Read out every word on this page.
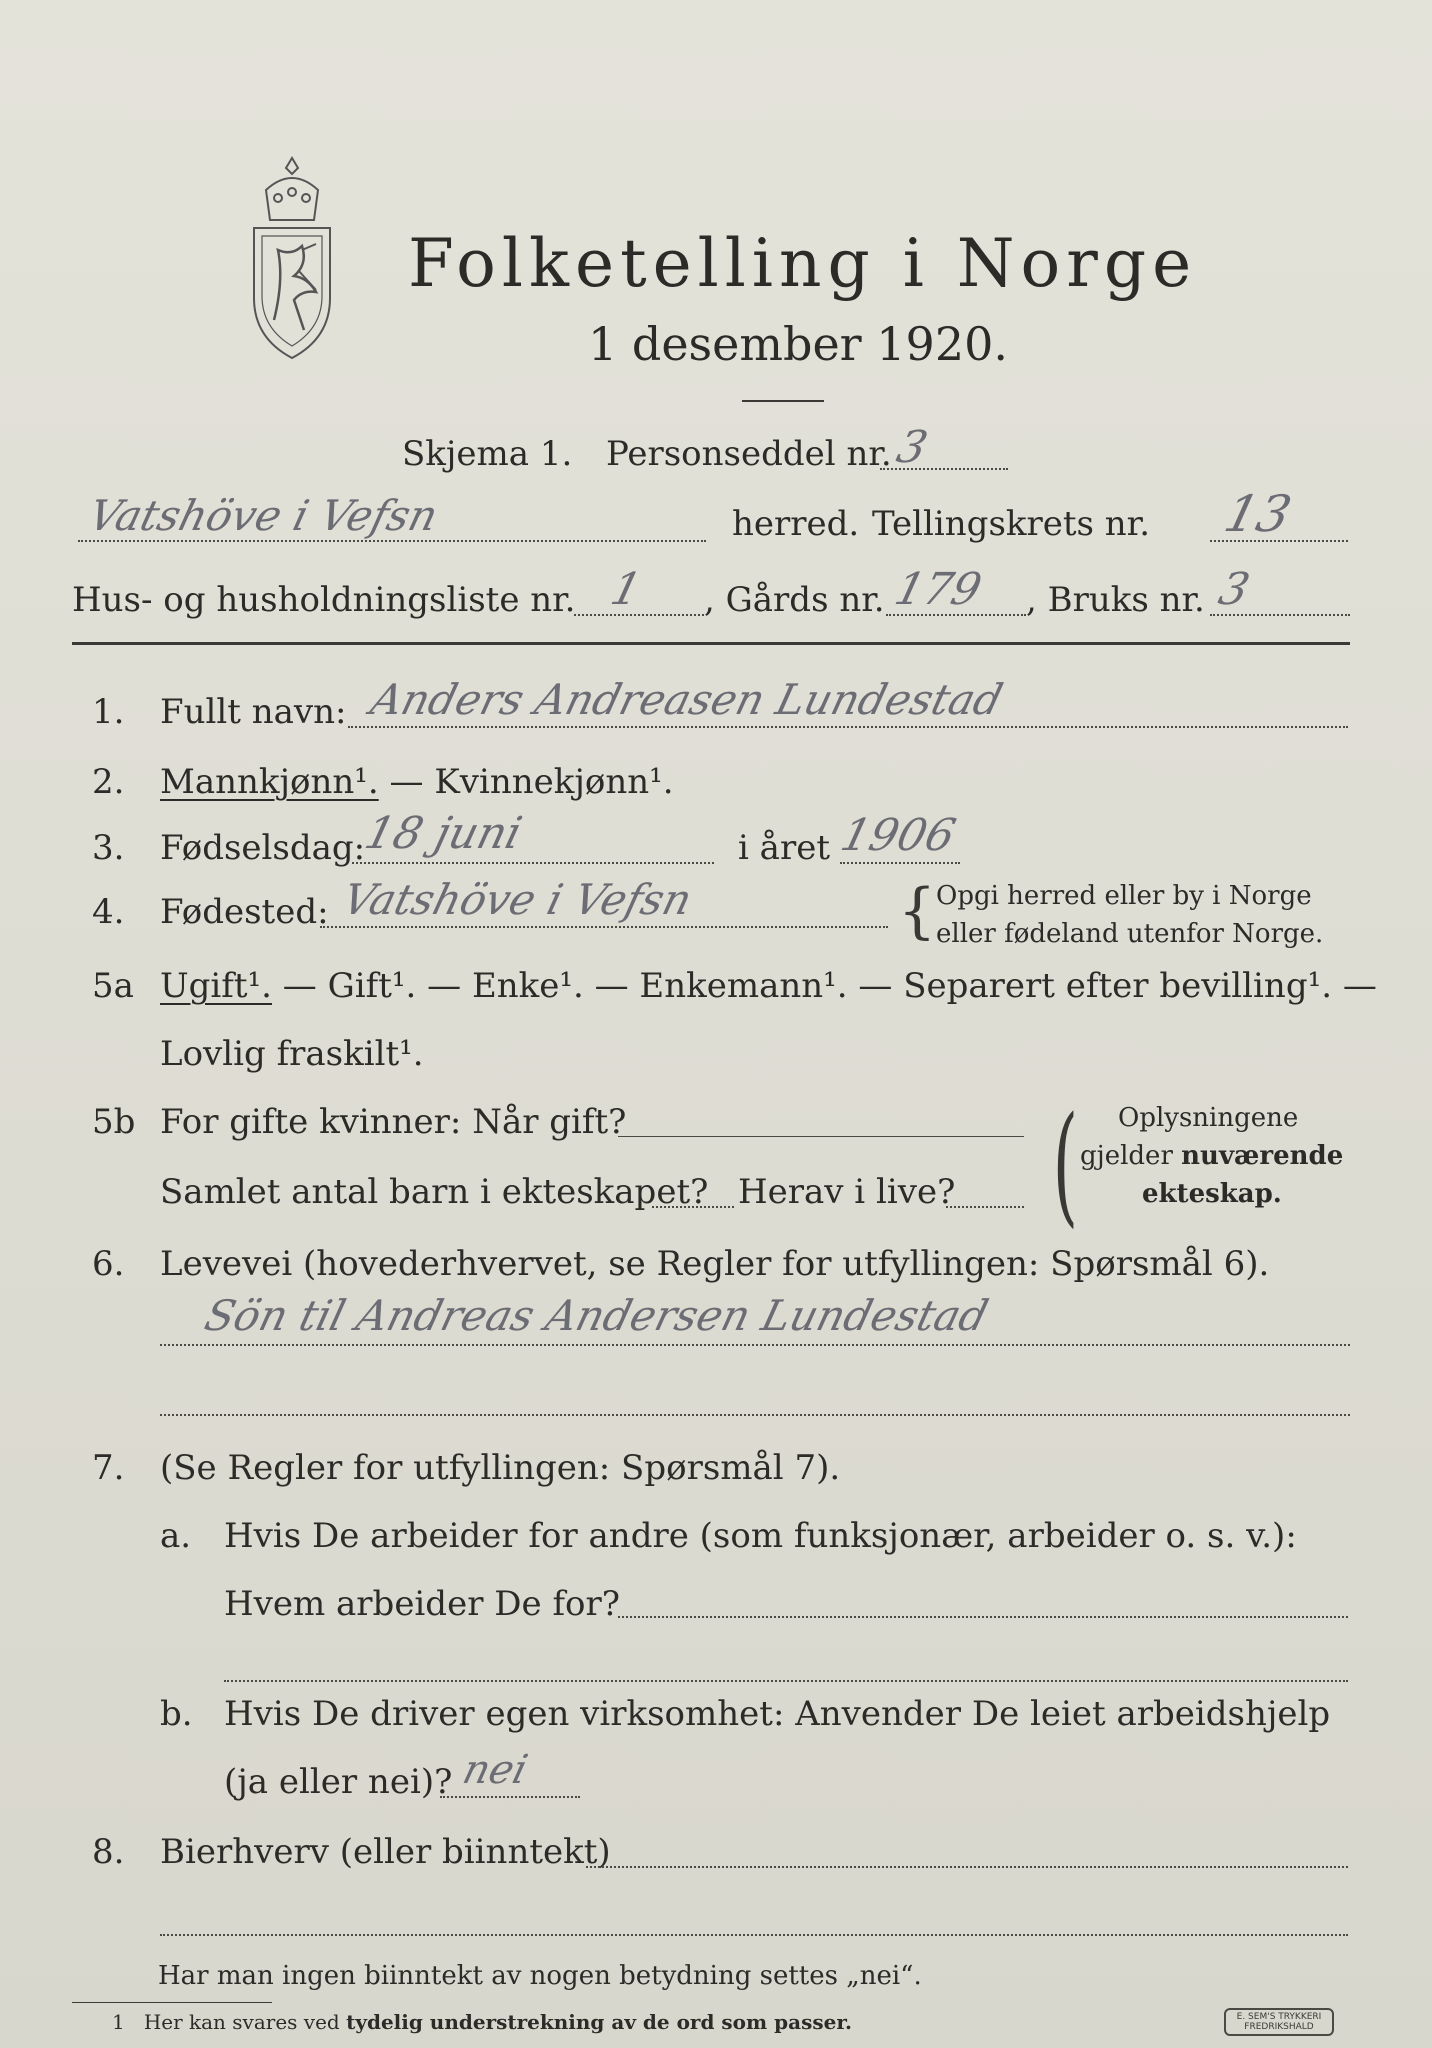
Folketelling i Norge
1 desember 1920.
Skjema 1. Personseddel nr. 3
Vatshöve i Vefsn	herred. Tellingskrets nr. 13
Hus- og husholdningsliste nr. 1 , Gårds nr. 179 , Bruks nr. 3
1. Fullt navn: Anders Andreasen Lundestad
2. Mannkjønn¹. — Kvinnekjønn¹.
3. Fødselsdag:
18 juni	i året 1906
4. Fødested: Vatshöve i Vefsn	{ Opgi herred eller by i Norge
eller fødeland utenfor Norge.
5a Ugift¹. — Gift¹. — Enke¹. — Enkemann¹. — Separert efter bevilling¹. —
Lovlig fraskilt¹.
5b For gifte kvinner: Når gift?
Samlet antal barn i ekteskapet? Herav i live? ( Oplysningene
gjelder nuværende
ekteskap.
6. Levevei (hovederhvervet, se Regler for utfyllingen: Spørsmål 6).
Sön til Andreas Andersen Lundestad
7. (Se Regler for utfyllingen: Spørsmål 7).
a. Hvis De arbeider for andre (som funksjonær, arbeider o. s. v.):
Hvem arbeider De for?
b. Hvis De driver egen virksomhet: Anvender De leiet arbeidshjelp
(ja eller nei)? nei
8. Bierhverv (eller biinntekt)
Har man ingen biinntekt av nogen betydning settes „nei“.
1 Her kan svares ved tydelig understrekning av de ord som passer.	E. SEM'S TRYKKERI FREDRIKSHALD
